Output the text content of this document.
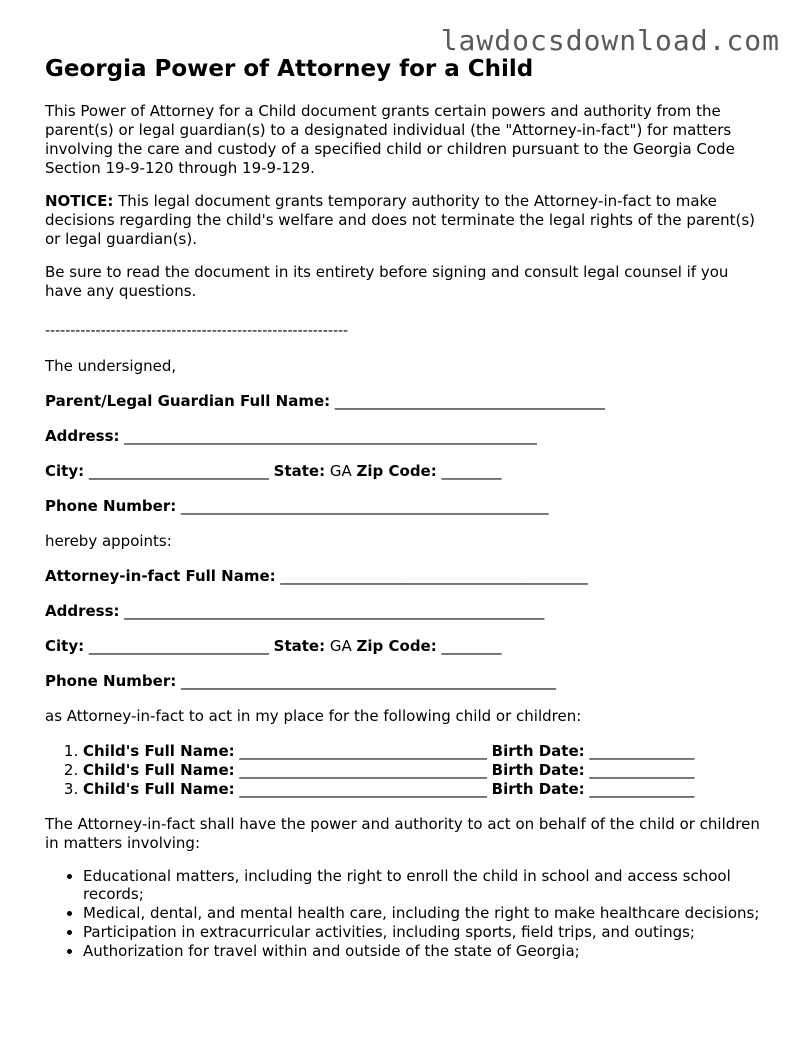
lawdocsdownload.com
Georgia Power of Attorney for a Child

This Power of Attorney for a Child document grants certain powers and authority from the parent(s) or legal guardian(s) to a designated individual (the "Attorney-in-fact") for matters involving the care and custody of a specified child or children pursuant to the Georgia Code Section 19-9-120 through 19-9-129.

NOTICE: This legal document grants temporary authority to the Attorney-in-fact to make decisions regarding the child's welfare and does not terminate the legal rights of the parent(s) or legal guardian(s).

Be sure to read the document in its entirety before signing and consult legal counsel if you have any questions.

------------------------------------------------------------
The undersigned,
Parent/Legal Guardian Full Name: ____________________________________
Address: _______________________________________________________
City: ________________________ State: GA Zip Code: ________
Phone Number: _________________________________________________
hereby appoints:
Attorney-in-fact Full Name: _________________________________________
Address: ________________________________________________________
City: ________________________ State: GA Zip Code: ________
Phone Number: __________________________________________________
as Attorney-in-fact to act in my place for the following child or children:
1. Child's Full Name: _________________________________ Birth Date: ______________
2. Child's Full Name: _________________________________ Birth Date: ______________
3. Child's Full Name: _________________________________ Birth Date: ______________

The Attorney-in-fact shall have the power and authority to act on behalf of the child or children in matters involving:

• Educational matters, including the right to enroll the child in school and access school records;
• Medical, dental, and mental health care, including the right to make healthcare decisions;
• Participation in extracurricular activities, including sports, field trips, and outings;
• Authorization for travel within and outside of the state of Georgia;
